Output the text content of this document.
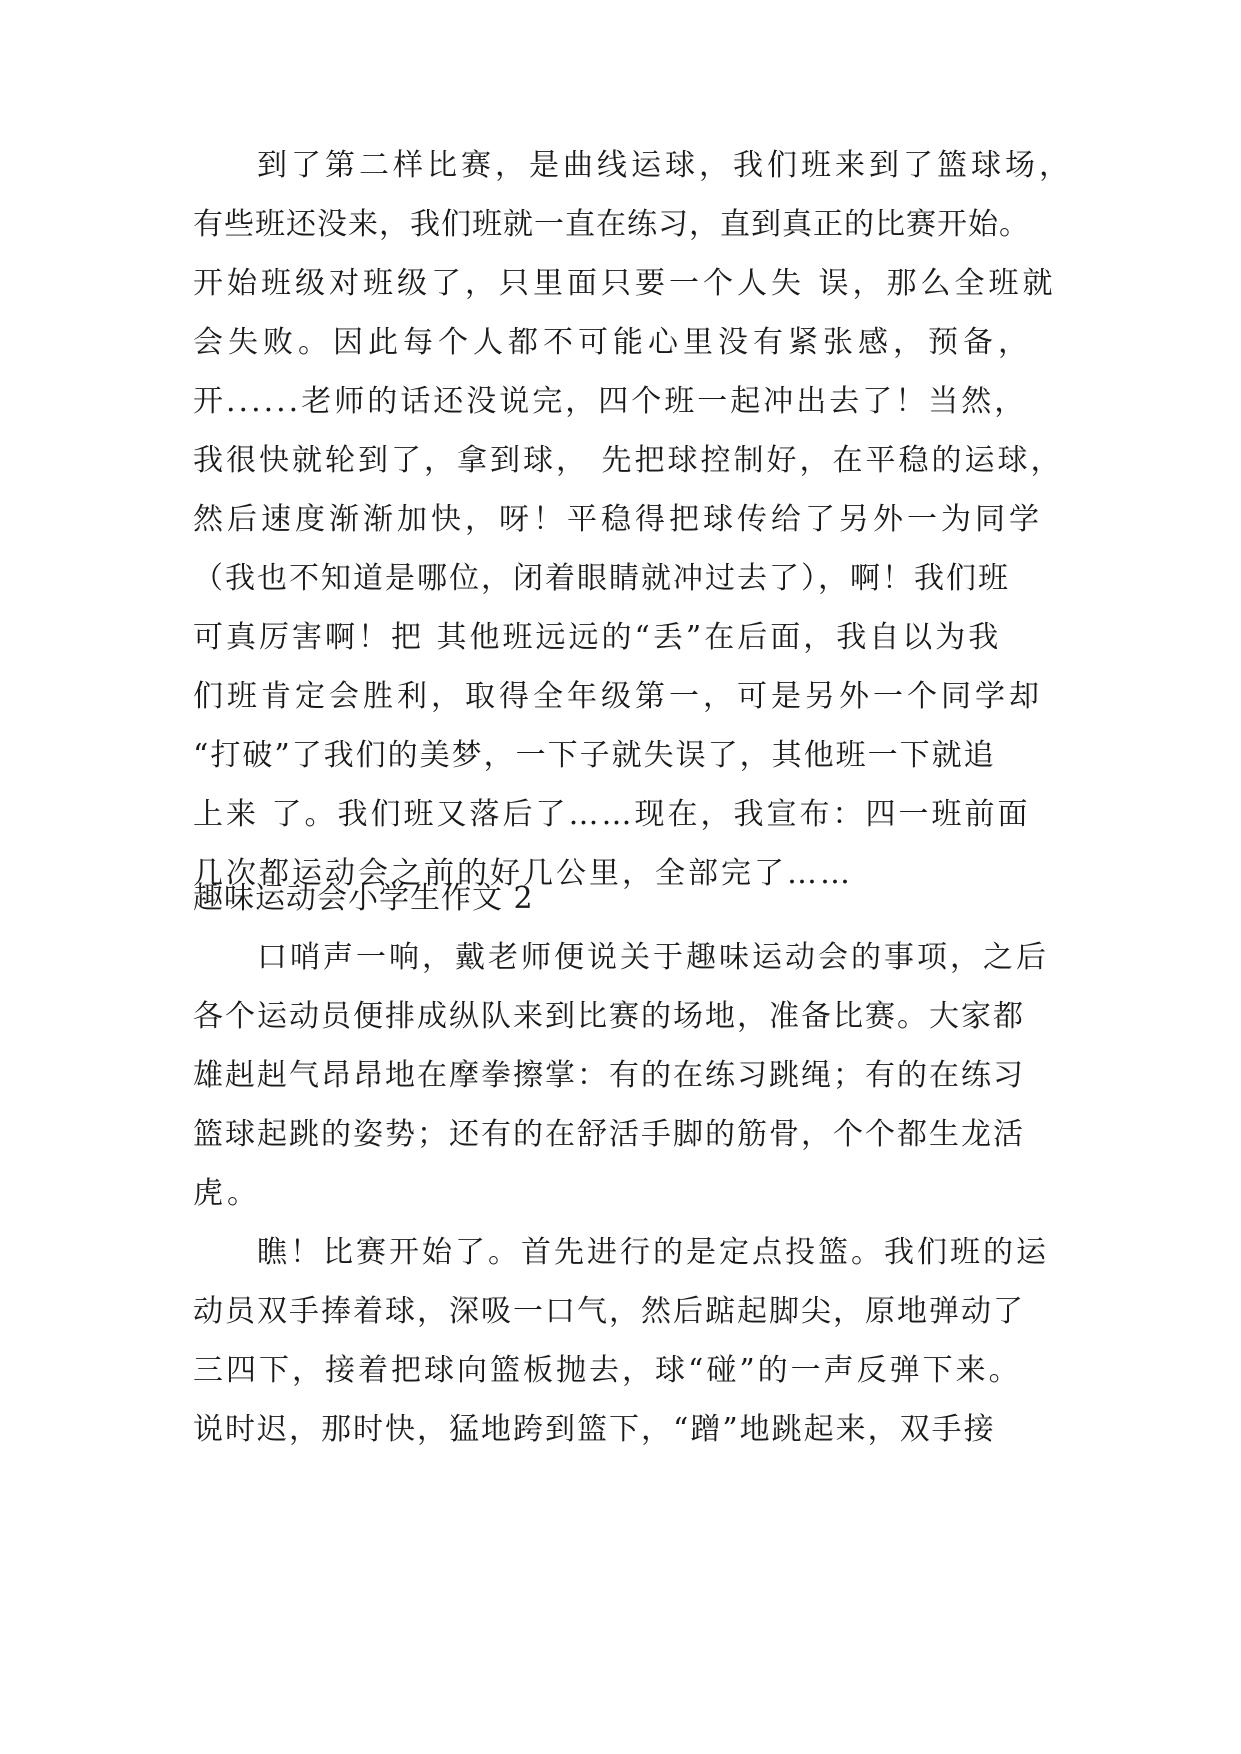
到了第二样比赛，是曲线运球，我们班来到了篮球场，
有些班还没来，我们班就一直在练习，直到真正的比赛开始。
开始班级对班级了，只里面只要一个人失 误，那么全班就
会失败。因此每个人都不可能心里没有紧张感，预备，
开......老师的话还没说完，四个班一起冲出去了！当然，
我很快就轮到了，拿到球， 先把球控制好，在平稳的运球，
然后速度渐渐加快，呀！平稳得把球传给了另外一为同学
（我也不知道是哪位，闭着眼睛就冲过去了），啊！我们班
可真厉害啊！把 其他班远远的“丢”在后面，我自以为我
们班肯定会胜利，取得全年级第一，可是另外一个同学却
“打破”了我们的美梦，一下子就失误了，其他班一下就追
上来 了。我们班又落后了……现在，我宣布：四一班前面
几次都运动会之前的好几公里，全部完了……
趣味运动会小学生作文 2
口哨声一响，戴老师便说关于趣味运动会的事项，之后
各个运动员便排成纵队来到比赛的场地，准备比赛。大家都
雄赳赳气昂昂地在摩拳擦掌：有的在练习跳绳；有的在练习
篮球起跳的姿势；还有的在舒活手脚的筋骨，个个都生龙活
虎。
瞧！比赛开始了。首先进行的是定点投篮。我们班的运
动员双手捧着球，深吸一口气，然后踮起脚尖，原地弹动了
三四下，接着把球向篮板抛去，球“碰”的一声反弹下来。
说时迟，那时快，猛地跨到篮下，“蹭”地跳起来，双手接
